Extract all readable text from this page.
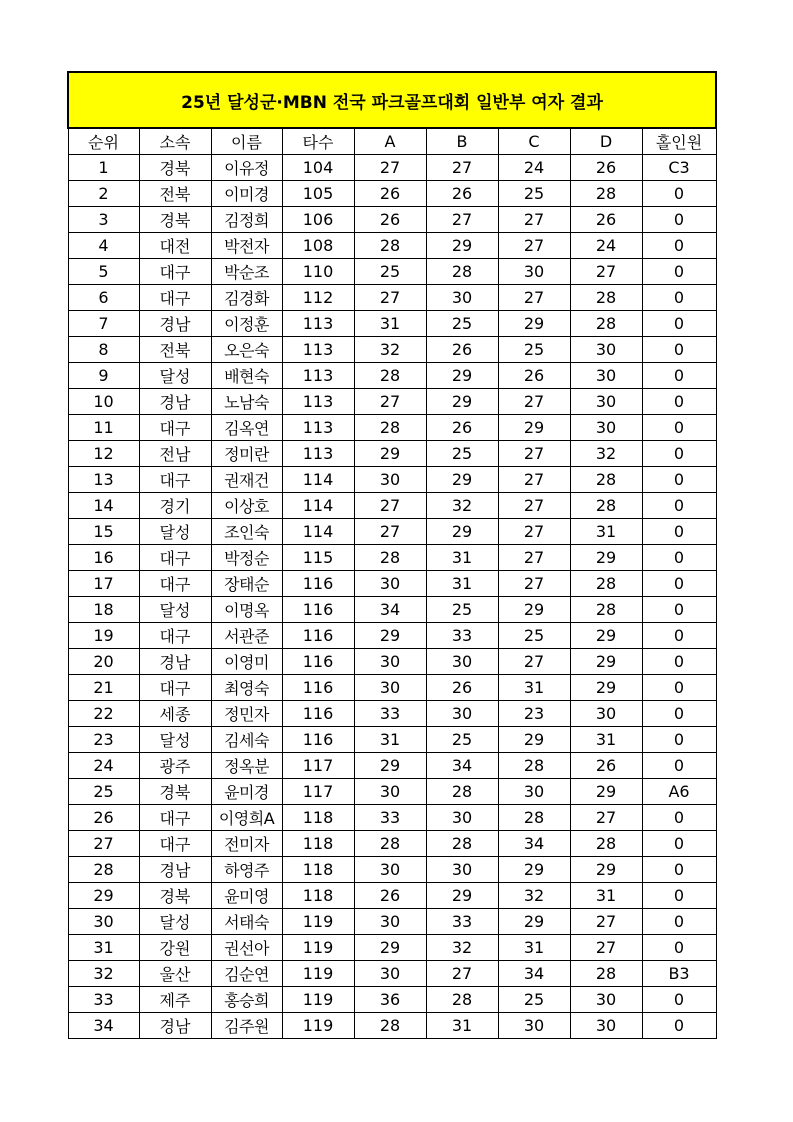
25년 달성군·MBN 전국 파크골프대회 일반부 여자 결과								
순위	소속	이름	타수	A	B	C	D	홀인원
1	경북	이유정	104	27	27	24	26	C3
2	전북	이미경	105	26	26	25	28	0
3	경북	김정희	106	26	27	27	26	0
4	대전	박전자	108	28	29	27	24	0
5	대구	박순조	110	25	28	30	27	0
6	대구	김경화	112	27	30	27	28	0
7	경남	이정훈	113	31	25	29	28	0
8	전북	오은숙	113	32	26	25	30	0
9	달성	배현숙	113	28	29	26	30	0
10	경남	노남숙	113	27	29	27	30	0
11	대구	김옥연	113	28	26	29	30	0
12	전남	정미란	113	29	25	27	32	0
13	대구	권재건	114	30	29	27	28	0
14	경기	이상호	114	27	32	27	28	0
15	달성	조인숙	114	27	29	27	31	0
16	대구	박정순	115	28	31	27	29	0
17	대구	장태순	116	30	31	27	28	0
18	달성	이명옥	116	34	25	29	28	0
19	대구	서관준	116	29	33	25	29	0
20	경남	이영미	116	30	30	27	29	0
21	대구	최영숙	116	30	26	31	29	0
22	세종	정민자	116	33	30	23	30	0
23	달성	김세숙	116	31	25	29	31	0
24	광주	정옥분	117	29	34	28	26	0
25	경북	윤미경	117	30	28	30	29	A6
26	대구	이영희A	118	33	30	28	27	0
27	대구	전미자	118	28	28	34	28	0
28	경남	하영주	118	30	30	29	29	0
29	경북	윤미영	118	26	29	32	31	0
30	달성	서태숙	119	30	33	29	27	0
31	강원	권선아	119	29	32	31	27	0
32	울산	김순연	119	30	27	34	28	B3
33	제주	홍승희	119	36	28	25	30	0
34	경남	김주원	119	28	31	30	30	0
